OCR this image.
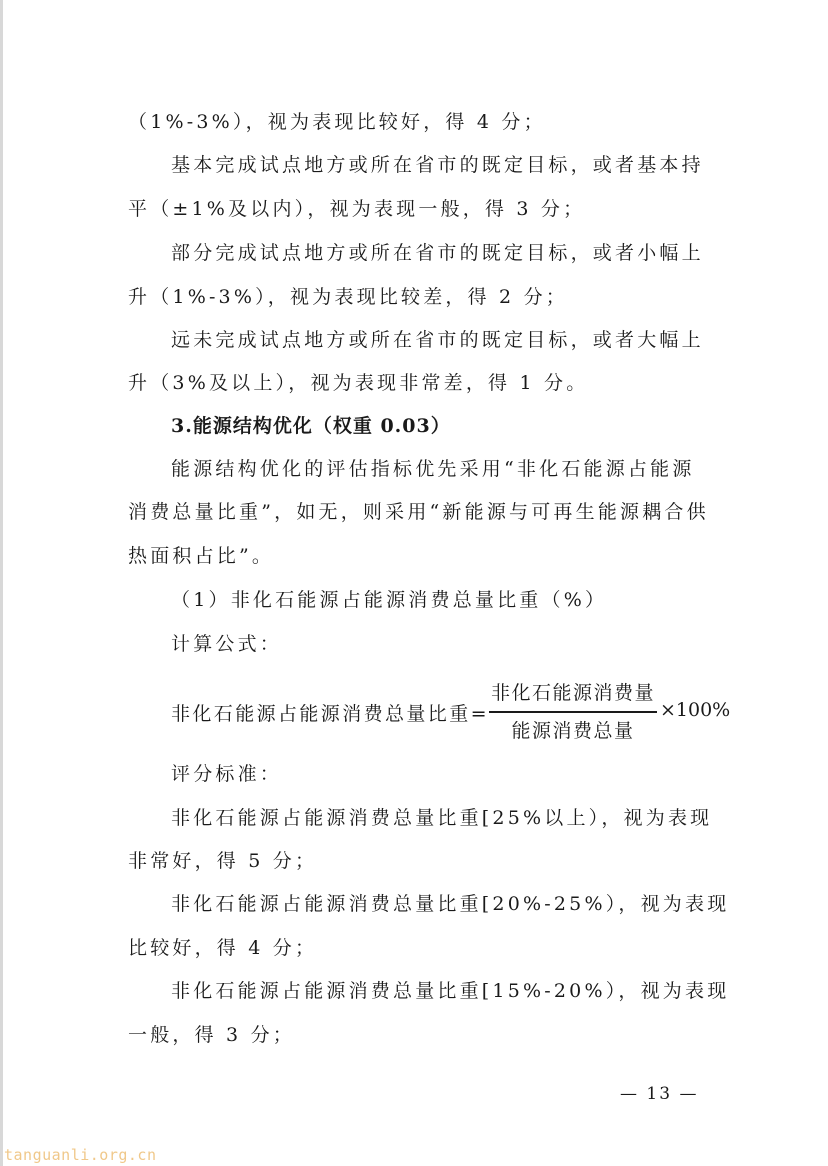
（1%-3%），视为表现比较好，得 4 分；
基本完成试点地方或所在省市的既定目标，或者基本持
平（±1%及以内），视为表现一般，得 3 分；
部分完成试点地方或所在省市的既定目标，或者小幅上
升（1%-3%），视为表现比较差，得 2 分；
远未完成试点地方或所在省市的既定目标，或者大幅上
升（3%及以上），视为表现非常差，得 1 分。
3.能源结构优化（权重 0.03）
能源结构优化的评估指标优先采用“非化石能源占能源
消费总量比重”，如无，则采用“新能源与可再生能源耦合供
热面积占比”。
（1）非化石能源占能源消费总量比重（%）
计算公式：
非化石能源占能源消费总量比重=
非化石能源消费量
能源消费总量
×100%
评分标准：
非化石能源占能源消费总量比重[25%以上），视为表现
非常好，得 5 分；
非化石能源占能源消费总量比重[20%-25%），视为表现
比较好，得 4 分；
非化石能源占能源消费总量比重[15%-20%），视为表现
一般，得 3 分；
— 13 —
tanguanli.org.cn
